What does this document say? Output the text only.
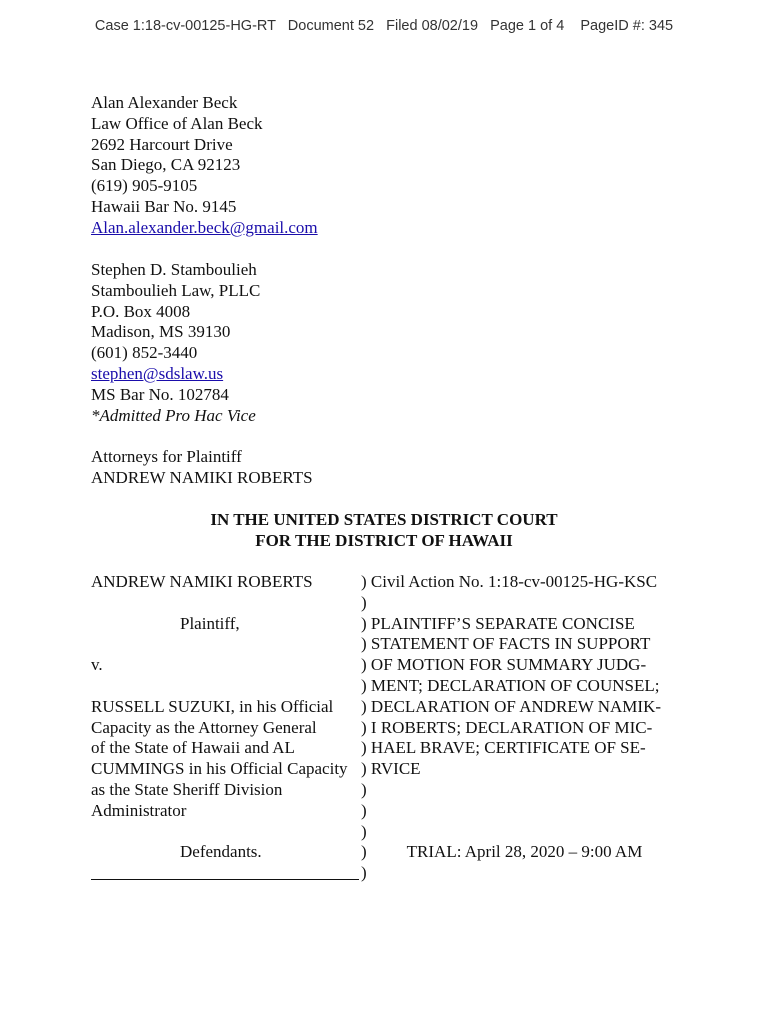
Case 1:18-cv-00125-HG-RT   Document 52   Filed 08/02/19   Page 1 of 4    PageID #: 345
Alan Alexander Beck
Law Office of Alan Beck
2692 Harcourt Drive
San Diego, CA 92123
(619) 905-9105
Hawaii Bar No. 9145
Alan.alexander.beck@gmail.com
Stephen D. Stamboulieh
Stamboulieh Law, PLLC
P.O. Box 4008
Madison, MS 39130
(601) 852-3440
stephen@sdslaw.us
MS Bar No. 102784
*Admitted Pro Hac Vice
Attorneys for Plaintiff
ANDREW NAMIKI ROBERTS
IN THE UNITED STATES DISTRICT COURT
FOR THE DISTRICT OF HAWAII
ANDREW NAMIKI ROBERTS

Plaintiff,

v.

RUSSELL SUZUKI, in his Official
Capacity as the Attorney General
of the State of Hawaii and AL
CUMMINGS in his Official Capacity
as the State Sheriff Division
Administrator

Defendants.
) Civil Action No. 1:18-cv-00125-HG-KSC
)
) PLAINTIFF’S SEPARATE CONCISE
) STATEMENT OF FACTS IN SUPPORT
) OF MOTION FOR SUMMARY JUDG-
) MENT; DECLARATION OF COUNSEL;
) DECLARATION OF ANDREW NAMIK-
) I ROBERTS; DECLARATION OF MIC-
) HAEL BRAVE; CERTIFICATE OF SE-
) RVICE
)
)
)
) TRIAL: April 28, 2020 – 9:00 AM
)
